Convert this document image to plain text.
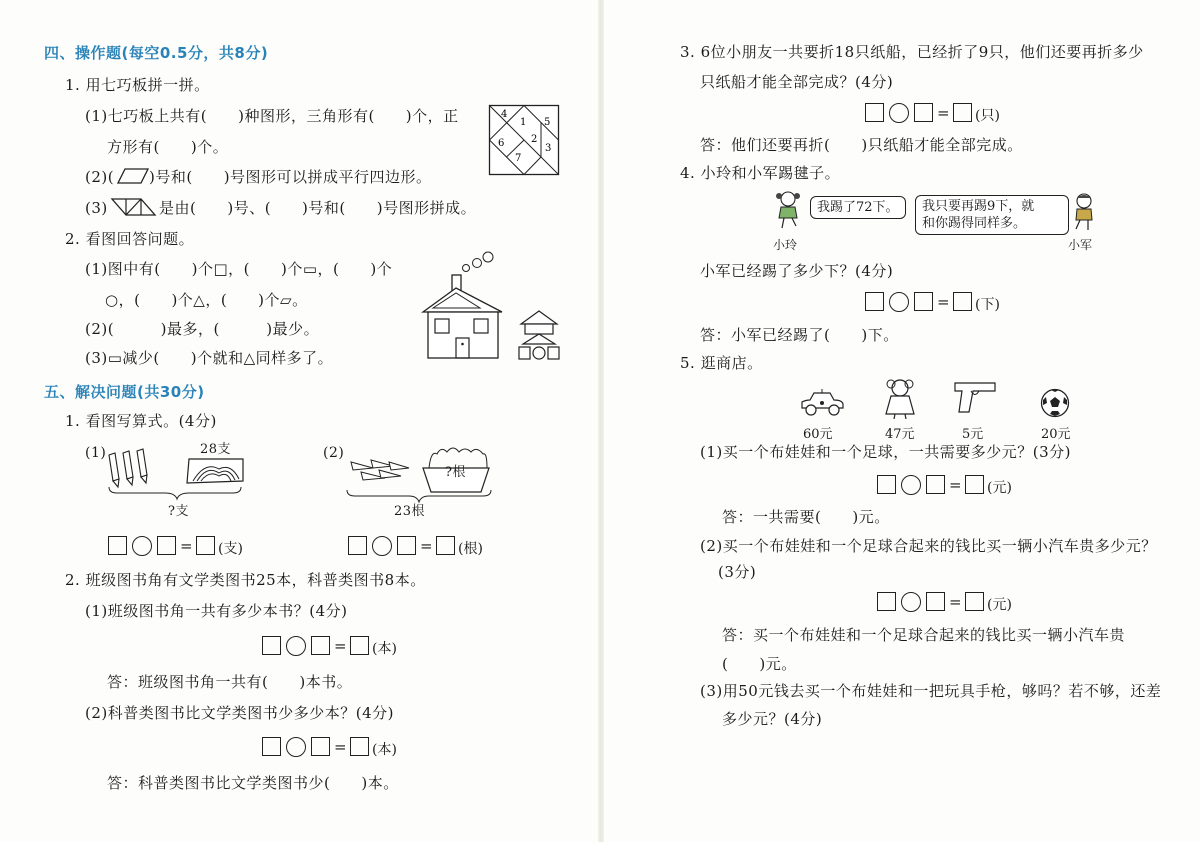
四、操作题(每空0.5分，共8分)
1. 用七巧板拼一拼。
(1)七巧板上共有(　　)种图形，三角形有(　　)个，正
方形有(　　)个。
(2)( )号和(　　)号图形可以拼成平行四边形。
(3)	是由(　　)号、(　　)号和(　　)号图形拼成。
4
1 5
6	2
3
7
2. 看图回答问题。
(1)图中有(　　)个□，(　　)个▭，(　　)个
○，(　　)个△，(　　)个▱。
(2)(　　　)最多，(　　　)最少。
(3)▭减少(　　)个就和△同样多了。
五、解决问题(共30分)
1. 看图写算式。(4分)
(1)	28支
?支
(2)
?根
23根
= (支)	= (根)
2. 班级图书角有文学类图书25本，科普类图书8本。
(1)班级图书角一共有多少本书？(4分)
= (本)
答：班级图书角一共有(　　)本书。
(2)科普类图书比文学类图书少多少本？(4分)
= (本)
答：科普类图书比文学类图书少(　　)本。
3. 6位小朋友一共要折18只纸船，已经折了9只，他们还要再折多少
只纸船才能全部完成？(4分)
= (只)
答：他们还要再折(　　)只纸船才能全部完成。
4. 小玲和小军踢毽子。
我踢了72下。	我只要再踢9下，就
和你踢得同样多。
小玲	小军
小军已经踢了多少下？(4分)
= (下)
答：小军已经踢了(　　)下。
5. 逛商店。
60元	47元	5元	20元
(1)买一个布娃娃和一个足球，一共需要多少元？(3分)
= (元)
答：一共需要(　　)元。
(2)买一个布娃娃和一个足球合起来的钱比买一辆小汽车贵多少元？
(3分)
= (元)
答：买一个布娃娃和一个足球合起来的钱比买一辆小汽车贵
(　　)元。
(3)用50元钱去买一个布娃娃和一把玩具手枪，够吗？若不够，还差
多少元？(4分)
